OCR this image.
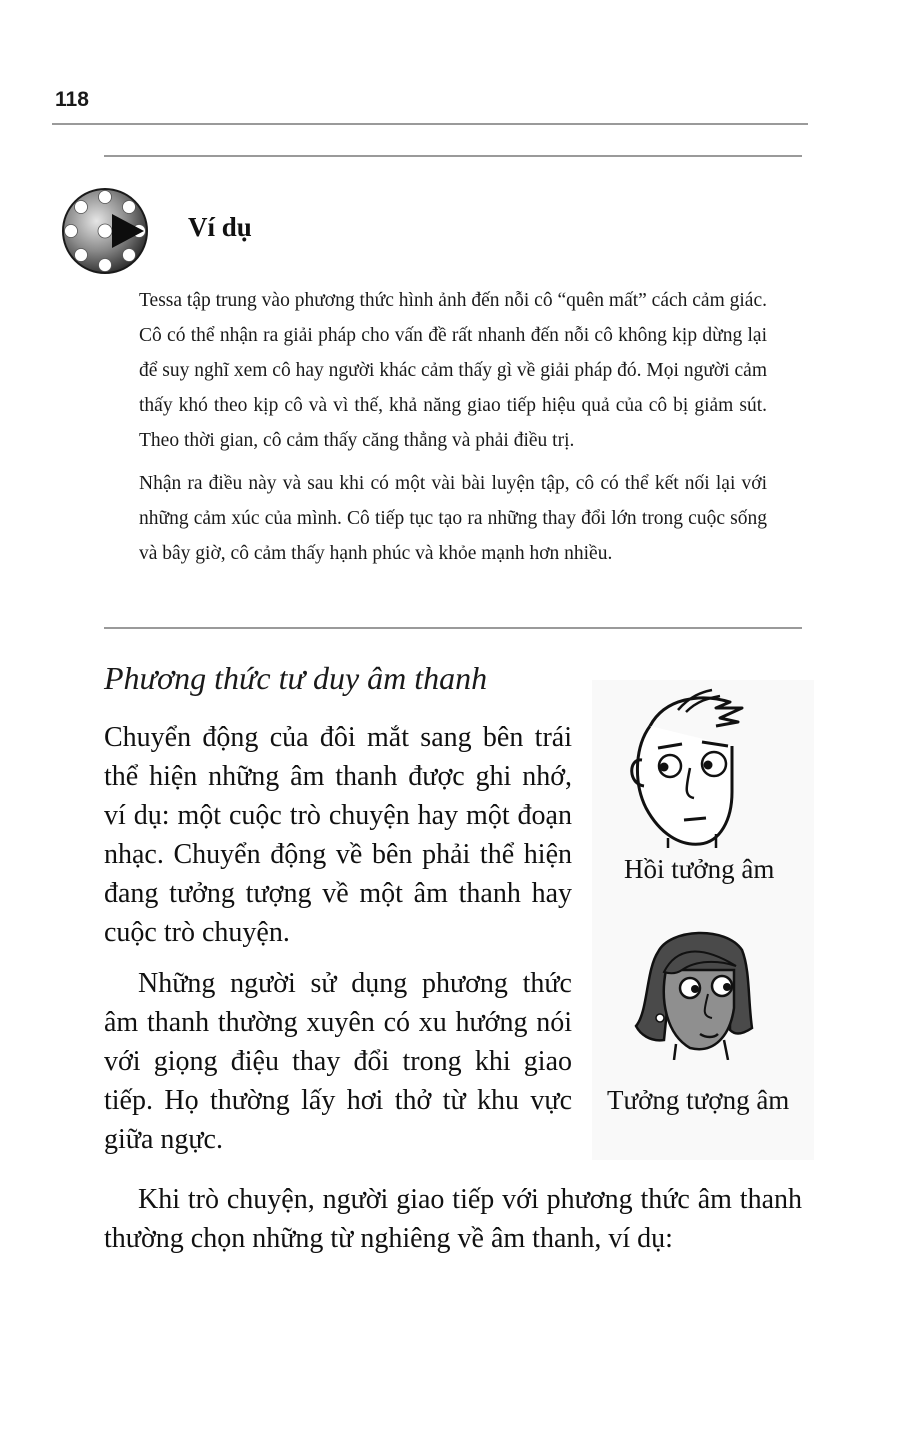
118
Ví dụ

Tessa tập trung vào phương thức hình ảnh đến nỗi cô “quên mất” cách cảm giác. Cô có thể nhận ra giải pháp cho vấn đề rất nhanh đến nỗi cô không kịp dừng lại để suy nghĩ xem cô hay người khác cảm thấy gì về giải pháp đó. Mọi người cảm thấy khó theo kịp cô và vì thế, khả năng giao tiếp hiệu quả của cô bị giảm sút. Theo thời gian, cô cảm thấy căng thẳng và phải điều trị.

Nhận ra điều này và sau khi có một vài bài luyện tập, cô có thể kết nối lại với những cảm xúc của mình. Cô tiếp tục tạo ra những thay đổi lớn trong cuộc sống và bây giờ, cô cảm thấy hạnh phúc và khỏe mạnh hơn nhiều.

Phương thức tư duy âm thanh

Chuyển động của đôi mắt sang bên trái thể hiện những âm thanh được ghi nhớ, ví dụ: một cuộc trò chuyện hay một đoạn nhạc. Chuyển động về bên phải thể hiện đang tưởng tượng về một âm thanh hay cuộc trò chuyện.

Những người sử dụng phương thức âm thanh thường xuyên có xu hướng nói với giọng điệu thay đổi trong khi giao tiếp. Họ thường lấy hơi thở từ khu vực giữa ngực.

Hồi tưởng âm
Tưởng tượng âm

Khi trò chuyện, người giao tiếp với phương thức âm thanh thường chọn những từ nghiêng về âm thanh, ví dụ:
